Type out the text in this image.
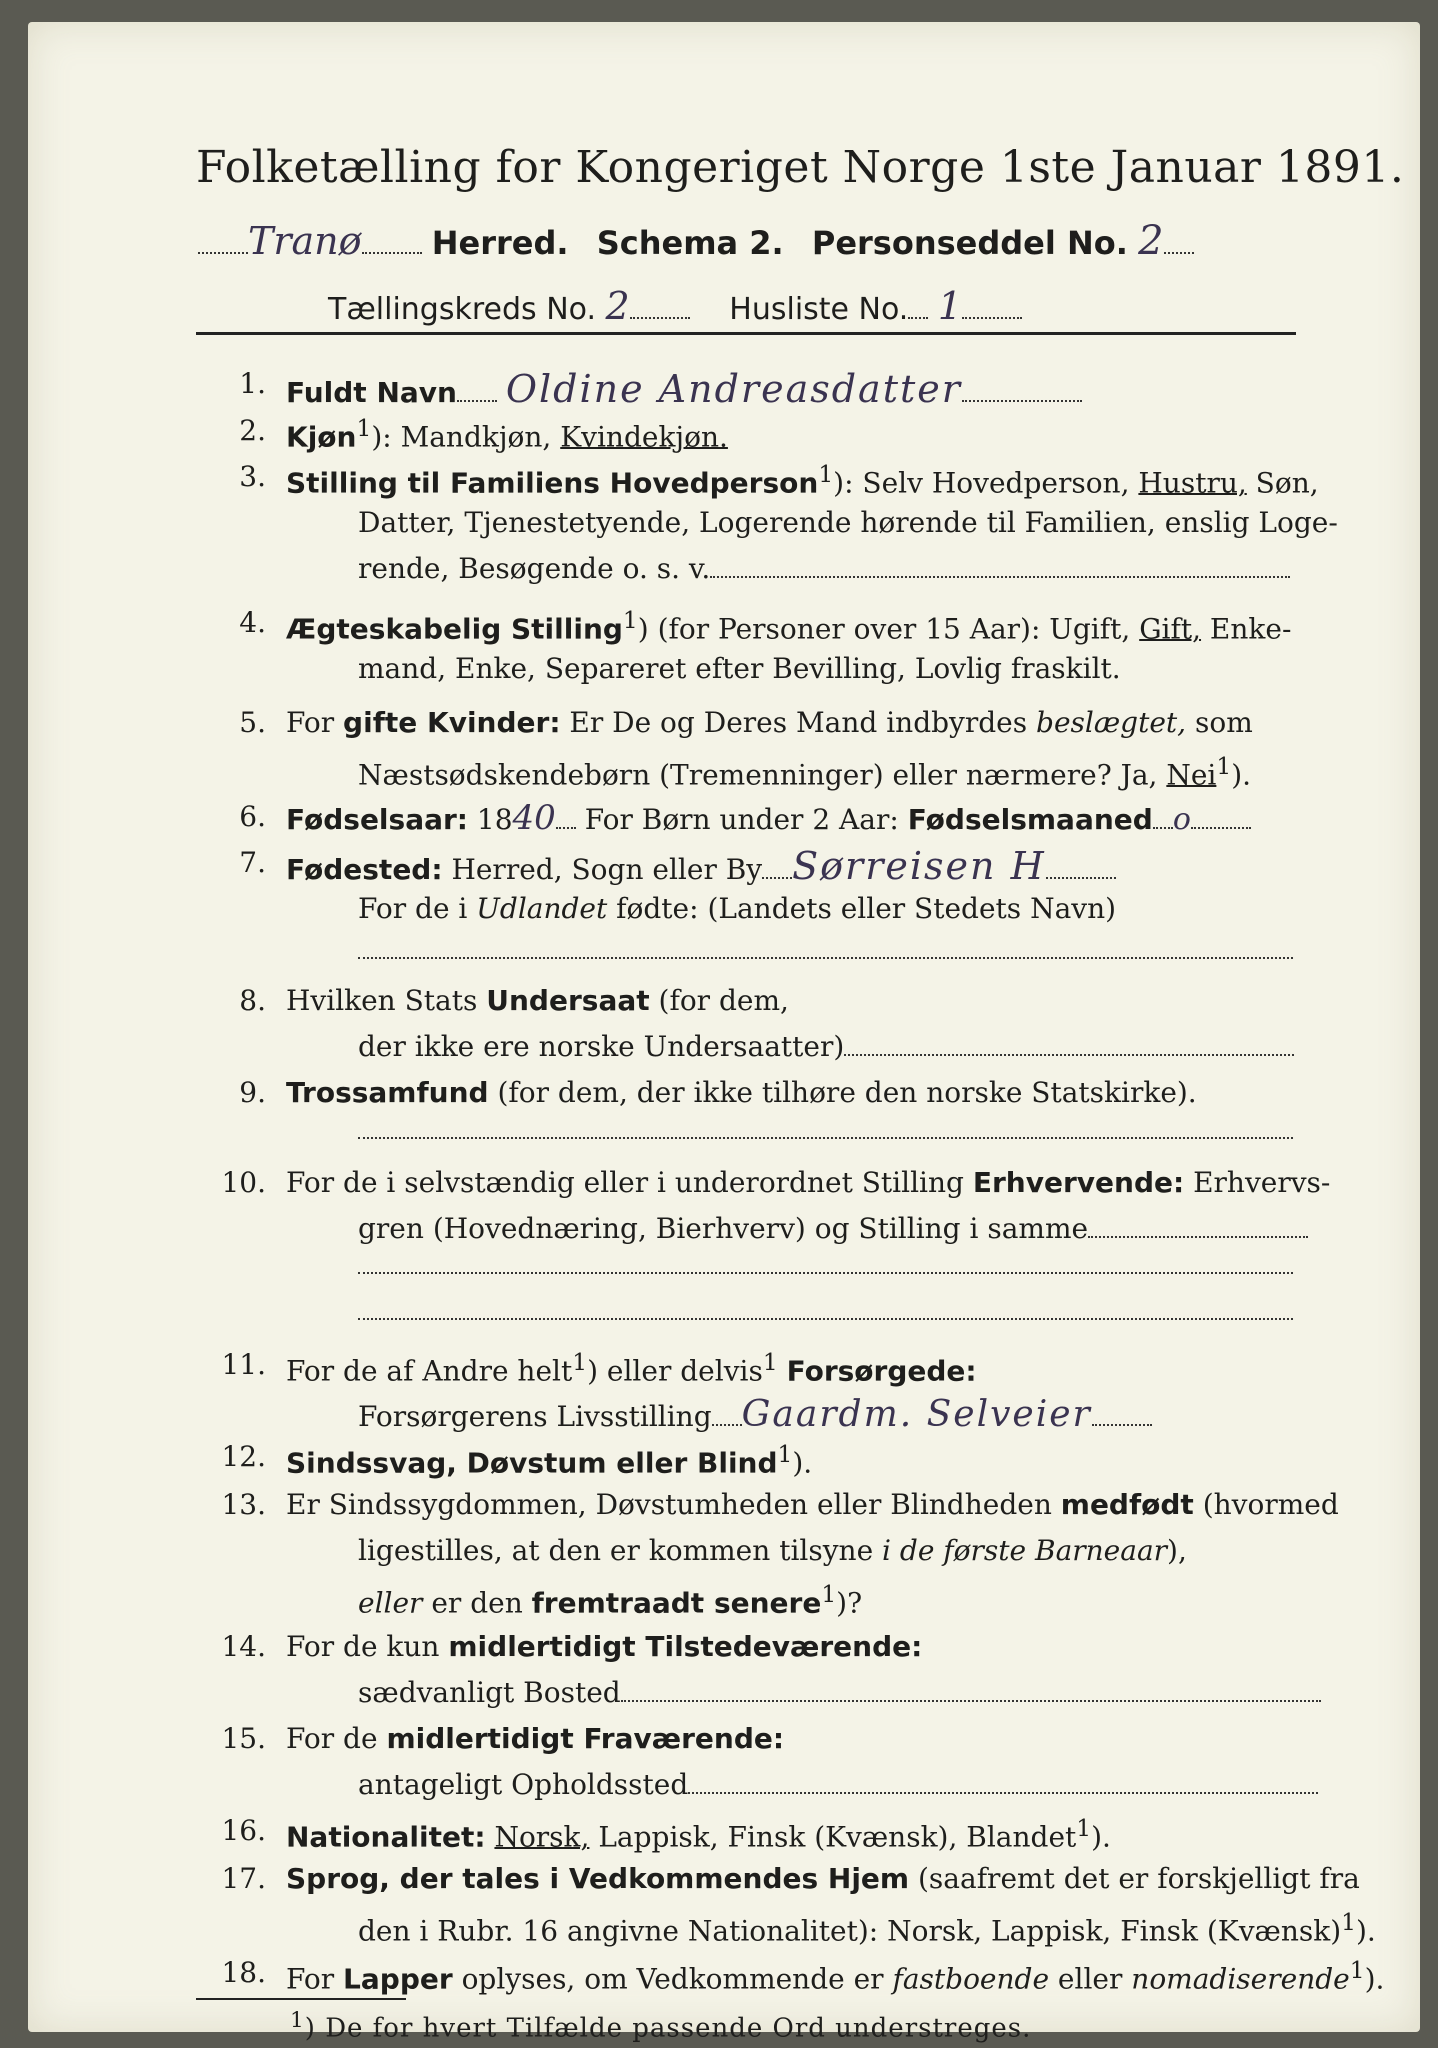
Folketælling for Kongeriget Norge 1ste Januar 1891.
Tranø Herred. Schema 2. Personseddel No. 2
Tællingskreds No. 2	Husliste No. 1
1. Fuldt Navn Oldine Andreasdatter
2. Kjøn$^1$): Mandkjøn, Kvindekjøn.
3. Stilling til Familiens Hovedperson$^1$): Selv Hovedperson, Hustru, Søn,
Datter, Tjenestetyende, Logerende hørende til Familien, enslig Loge-
rende, Besøgende o. s. v.
4. Ægteskabelig Stilling$^1$) (for Personer over 15 Aar): Ugift, Gift, Enke-
mand, Enke, Separeret efter Bevilling, Lovlig fraskilt.
5. For gifte Kvinder: Er De og Deres Mand indbyrdes beslægtet, som
Næstsødskendebørn (Tremenninger) eller nærmere? Ja, Nei$^1$).
6. Fødselsaar: 1840 For Børn under 2 Aar: Fødselsmaaned o
7. Fødested: Herred, Sogn eller By Sørreisen H
For de i Udlandet fødte: (Landets eller Stedets Navn)
8. Hvilken Stats Undersaat (for dem,
der ikke ere norske Undersaatter)
9. Trossamfund (for dem, der ikke tilhøre den norske Statskirke).
10. For de i selvstændig eller i underordnet Stilling Erhvervende: Erhvervs-
gren (Hovednæring, Bierhverv) og Stilling i samme
11. For de af Andre helt$^1$) eller delvis$^1$ Forsørgede:
Forsørgerens Livsstilling Gaardm. Selveier
12. Sindssvag, Døvstum eller Blind$^1$).
13. Er Sindssygdommen, Døvstumheden eller Blindheden medfødt (hvormed
ligestilles, at den er kommen tilsyne i de første Barneaar),
eller er den fremtraadt senere$^1$)?
14. For de kun midlertidigt Tilstedeværende:
sædvanligt Bosted
15. For de midlertidigt Fraværende:
antageligt Opholdssted
16. Nationalitet: Norsk, Lappisk, Finsk (Kvænsk), Blandet$^1$).
17. Sprog, der tales i Vedkommendes Hjem (saafremt det er forskjelligt fra
den i Rubr. 16 angivne Nationalitet): Norsk, Lappisk, Finsk (Kvænsk)$^1$).
18. For Lapper oplyses, om Vedkommende er fastboende eller nomadiserende$^1$).
$^1$) De for hvert Tilfælde passende Ord understreges.
